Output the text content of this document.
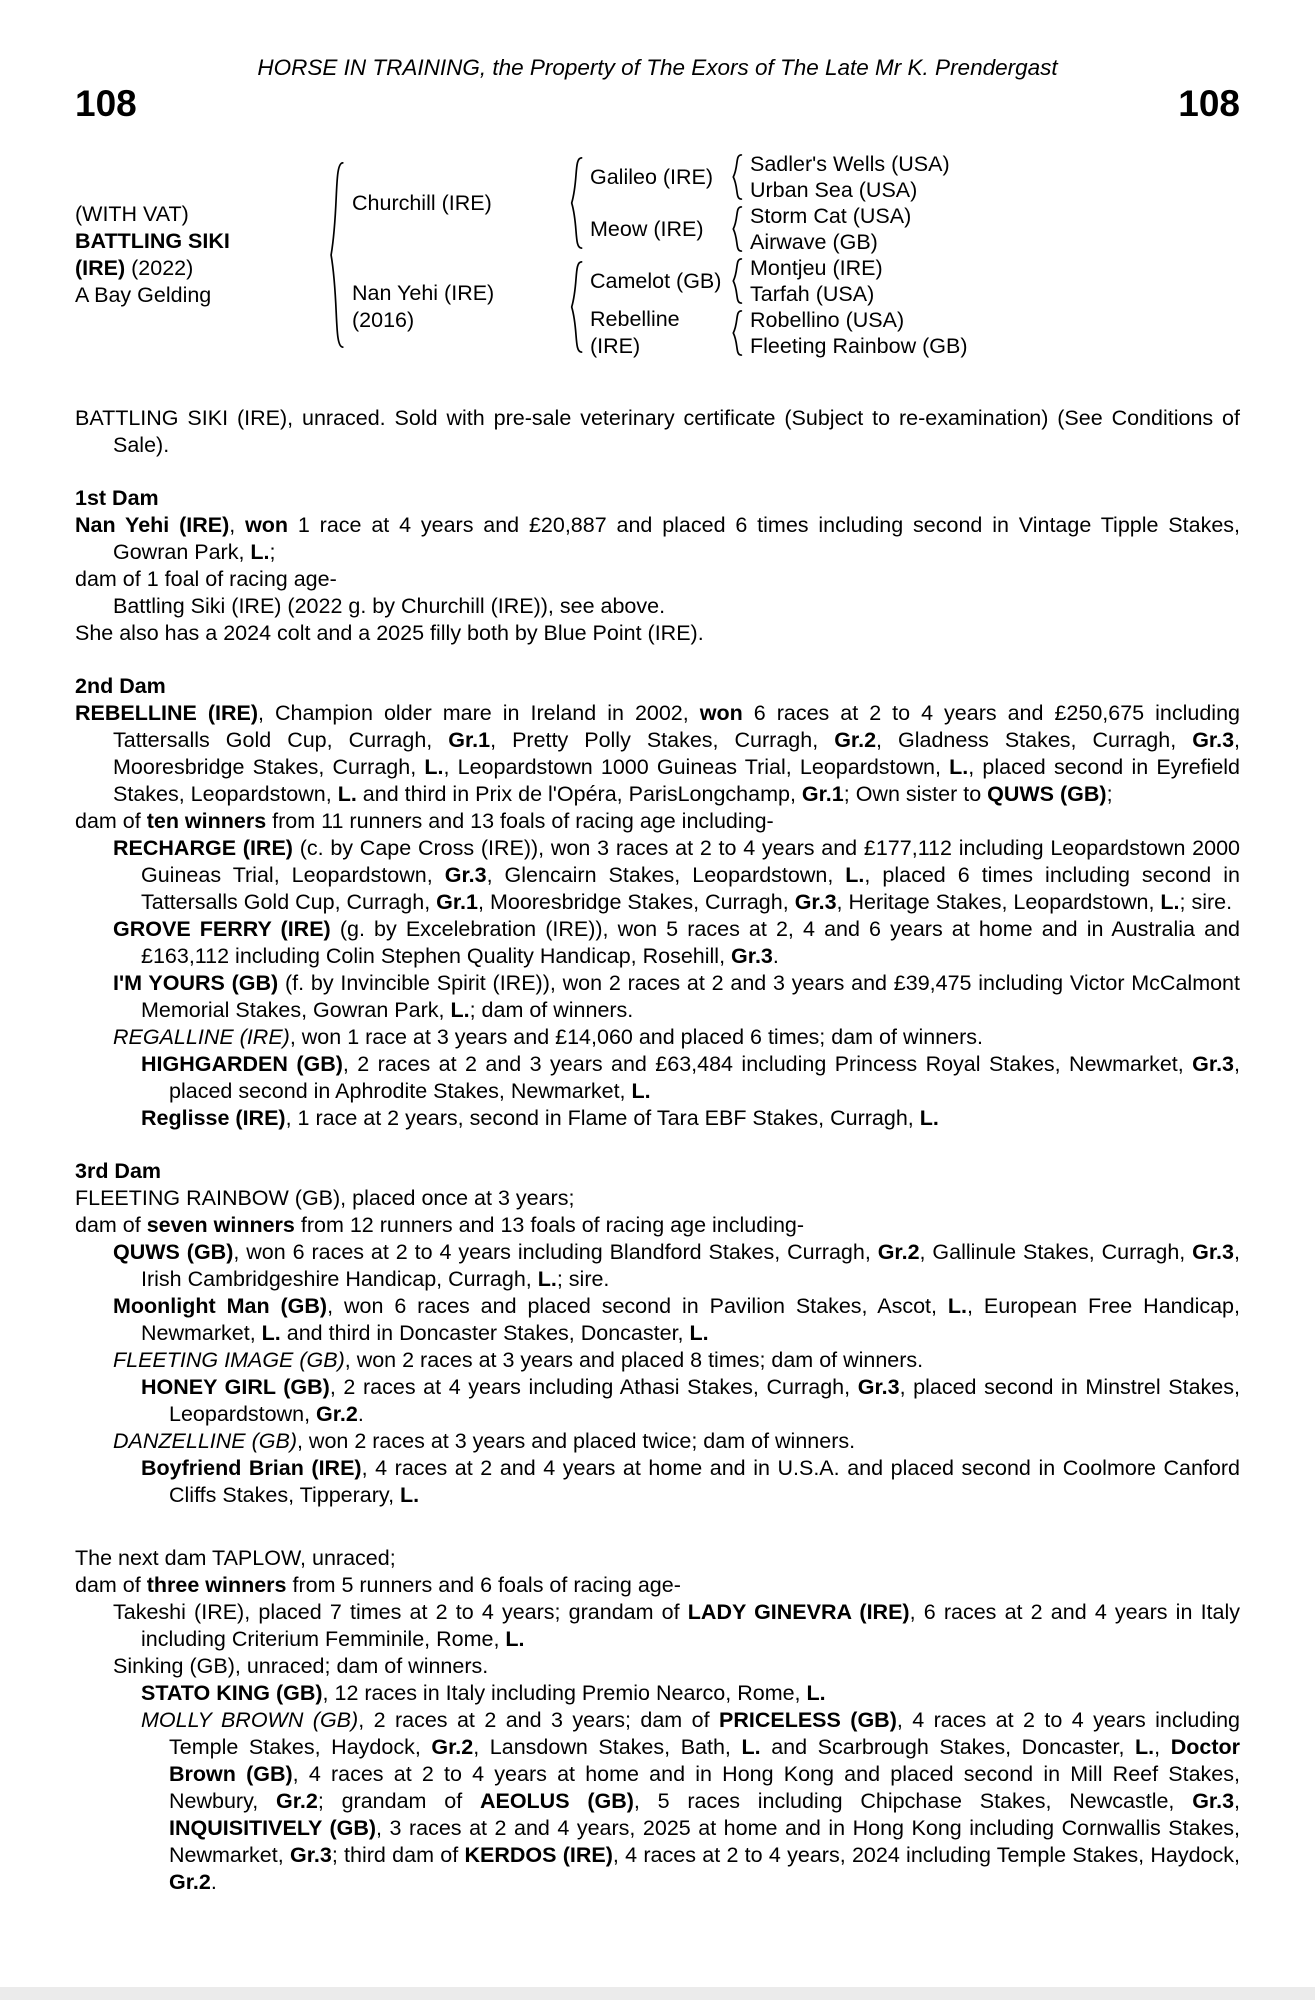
HORSE IN TRAINING, the Property of The Exors of The Late Mr K. Prendergast
108	108
(WITH VAT)
BATTLING SIKI
(IRE) (2022)
A Bay Gelding
Churchill (IRE)
Nan Yehi (IRE)
(2016)
Galileo (IRE)
Meow (IRE)
Camelot (GB)
Rebelline (IRE)
Sadler's Wells (USA)
Urban Sea (USA)
Storm Cat (USA)
Airwave (GB)
Montjeu (IRE)
Tarfah (USA)
Robellino (USA)
Fleeting Rainbow (GB)

BATTLING SIKI (IRE), unraced. Sold with pre-sale veterinary certificate (Subject to re-examination) (See Conditions of Sale).

1st Dam

Nan Yehi (IRE), won 1 race at 4 years and £20,887 and placed 6 times including second in Vintage Tipple Stakes, Gowran Park, L.;

dam of 1 foal of racing age-

Battling Siki (IRE) (2022 g. by Churchill (IRE)), see above.

She also has a 2024 colt and a 2025 filly both by Blue Point (IRE).

2nd Dam

REBELLINE (IRE), Champion older mare in Ireland in 2002, won 6 races at 2 to 4 years and £250,675 including Tattersalls Gold Cup, Curragh, Gr.1, Pretty Polly Stakes, Curragh, Gr.2, Gladness Stakes, Curragh, Gr.3, Mooresbridge Stakes, Curragh, L., Leopardstown 1000 Guineas Trial, Leopardstown, L., placed second in Eyrefield Stakes, Leopardstown, L. and third in Prix de l'Opéra, ParisLongchamp, Gr.1; Own sister to QUWS (GB);

dam of ten winners from 11 runners and 13 foals of racing age including-

RECHARGE (IRE) (c. by Cape Cross (IRE)), won 3 races at 2 to 4 years and £177,112 including Leopardstown 2000 Guineas Trial, Leopardstown, Gr.3, Glencairn Stakes, Leopardstown, L., placed 6 times including second in Tattersalls Gold Cup, Curragh, Gr.1, Mooresbridge Stakes, Curragh, Gr.3, Heritage Stakes, Leopardstown, L.; sire.

GROVE FERRY (IRE) (g. by Excelebration (IRE)), won 5 races at 2, 4 and 6 years at home and in Australia and £163,112 including Colin Stephen Quality Handicap, Rosehill, Gr.3.

I'M YOURS (GB) (f. by Invincible Spirit (IRE)), won 2 races at 2 and 3 years and £39,475 including Victor McCalmont Memorial Stakes, Gowran Park, L.; dam of winners.

REGALLINE (IRE), won 1 race at 3 years and £14,060 and placed 6 times; dam of winners.

HIGHGARDEN (GB), 2 races at 2 and 3 years and £63,484 including Princess Royal Stakes, Newmarket, Gr.3, placed second in Aphrodite Stakes, Newmarket, L.

Reglisse (IRE), 1 race at 2 years, second in Flame of Tara EBF Stakes, Curragh, L.

3rd Dam

FLEETING RAINBOW (GB), placed once at 3 years;

dam of seven winners from 12 runners and 13 foals of racing age including-

QUWS (GB), won 6 races at 2 to 4 years including Blandford Stakes, Curragh, Gr.2, Gallinule Stakes, Curragh, Gr.3, Irish Cambridgeshire Handicap, Curragh, L.; sire.

Moonlight Man (GB), won 6 races and placed second in Pavilion Stakes, Ascot, L., European Free Handicap, Newmarket, L. and third in Doncaster Stakes, Doncaster, L.

FLEETING IMAGE (GB), won 2 races at 3 years and placed 8 times; dam of winners.

HONEY GIRL (GB), 2 races at 4 years including Athasi Stakes, Curragh, Gr.3, placed second in Minstrel Stakes, Leopardstown, Gr.2.

DANZELLINE (GB), won 2 races at 3 years and placed twice; dam of winners.

Boyfriend Brian (IRE), 4 races at 2 and 4 years at home and in U.S.A. and placed second in Coolmore Canford Cliffs Stakes, Tipperary, L.

The next dam TAPLOW, unraced;

dam of three winners from 5 runners and 6 foals of racing age-

Takeshi (IRE), placed 7 times at 2 to 4 years; grandam of LADY GINEVRA (IRE), 6 races at 2 and 4 years in Italy including Criterium Femminile, Rome, L.

Sinking (GB), unraced; dam of winners.

STATO KING (GB), 12 races in Italy including Premio Nearco, Rome, L.

MOLLY BROWN (GB), 2 races at 2 and 3 years; dam of PRICELESS (GB), 4 races at 2 to 4 years including Temple Stakes, Haydock, Gr.2, Lansdown Stakes, Bath, L. and Scarbrough Stakes, Doncaster, L., Doctor Brown (GB), 4 races at 2 to 4 years at home and in Hong Kong and placed second in Mill Reef Stakes, Newbury, Gr.2; grandam of AEOLUS (GB), 5 races including Chipchase Stakes, Newcastle, Gr.3, INQUISITIVELY (GB), 3 races at 2 and 4 years, 2025 at home and in Hong Kong including Cornwallis Stakes, Newmarket, Gr.3; third dam of KERDOS (IRE), 4 races at 2 to 4 years, 2024 including Temple Stakes, Haydock, Gr.2.
